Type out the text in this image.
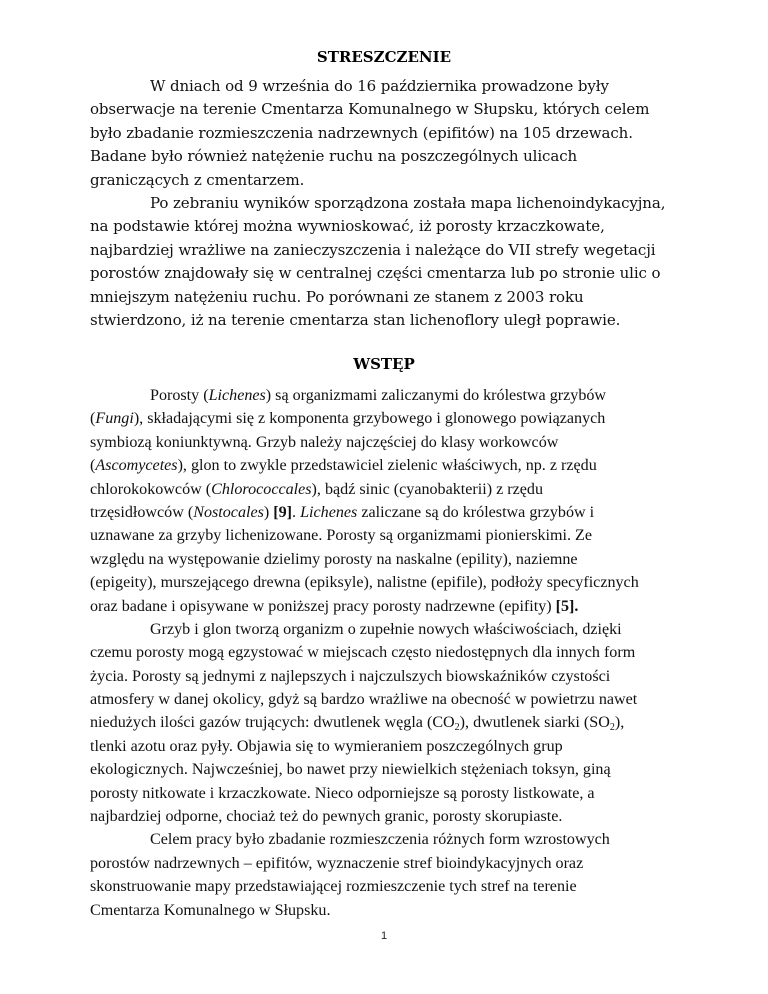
STRESZCZENIE
W dniach od 9 września do 16 października prowadzone były
obserwacje na terenie Cmentarza Komunalnego w Słupsku, których celem
było zbadanie rozmieszczenia nadrzewnych (epifitów) na 105 drzewach.
Badane było również natężenie ruchu na poszczególnych ulicach
graniczących z cmentarzem.
Po zebraniu wyników sporządzona została mapa lichenoindykacyjna,
na podstawie której można wywnioskować, iż porosty krzaczkowate,
najbardziej wrażliwe na zanieczyszczenia i należące do VII strefy wegetacji
porostów znajdowały się w centralnej części cmentarza lub po stronie ulic o
mniejszym natężeniu ruchu. Po porównani ze stanem z 2003 roku
stwierdzono, iż na terenie cmentarza stan lichenoflory uległ poprawie.
WSTĘP
Porosty (Lichenes) są organizmami zaliczanymi do królestwa grzybów
(Fungi), składającymi się z komponenta grzybowego i glonowego powiązanych
symbiozą koniunktywną. Grzyb należy najczęściej do klasy workowców
(Ascomycetes), glon to zwykle przedstawiciel zielenic właściwych, np. z rzędu
chlorokokowców (Chlorococcales), bądź sinic (cyanobakterii) z rzędu
trzęsidłowców (Nostocales) [9]. Lichenes zaliczane są do królestwa grzybów i
uznawane za grzyby lichenizowane. Porosty są organizmami pionierskimi. Ze
względu na występowanie dzielimy porosty na naskalne (epility), naziemne
(epigeity), murszejącego drewna (epiksyle), nalistne (epifile), podłoży specyficznych
oraz badane i opisywane w poniższej pracy porosty nadrzewne (epifity) [5].
Grzyb i glon tworzą organizm o zupełnie nowych właściwościach, dzięki
czemu porosty mogą egzystować w miejscach często niedostępnych dla innych form
życia. Porosty są jednymi z najlepszych i najczulszych biowskaźników czystości
atmosfery w danej okolicy, gdyż są bardzo wrażliwe na obecność w powietrzu nawet
niedużych ilości gazów trujących: dwutlenek węgla $(CO_2)$, dwutlenek siarki $(SO_2)$,
tlenki azotu oraz pyły. Objawia się to wymieraniem poszczególnych grup
ekologicznych. Najwcześniej, bo nawet przy niewielkich stężeniach toksyn, giną
porosty nitkowate i krzaczkowate. Nieco odporniejsze są porosty listkowate, a
najbardziej odporne, chociaż też do pewnych granic, porosty skorupiaste.
Celem pracy było zbadanie rozmieszczenia różnych form wzrostowych
porostów nadrzewnych – epifitów, wyznaczenie stref bioindykacyjnych oraz
skonstruowanie mapy przedstawiającej rozmieszczenie tych stref na terenie
Cmentarza Komunalnego w Słupsku.
1
